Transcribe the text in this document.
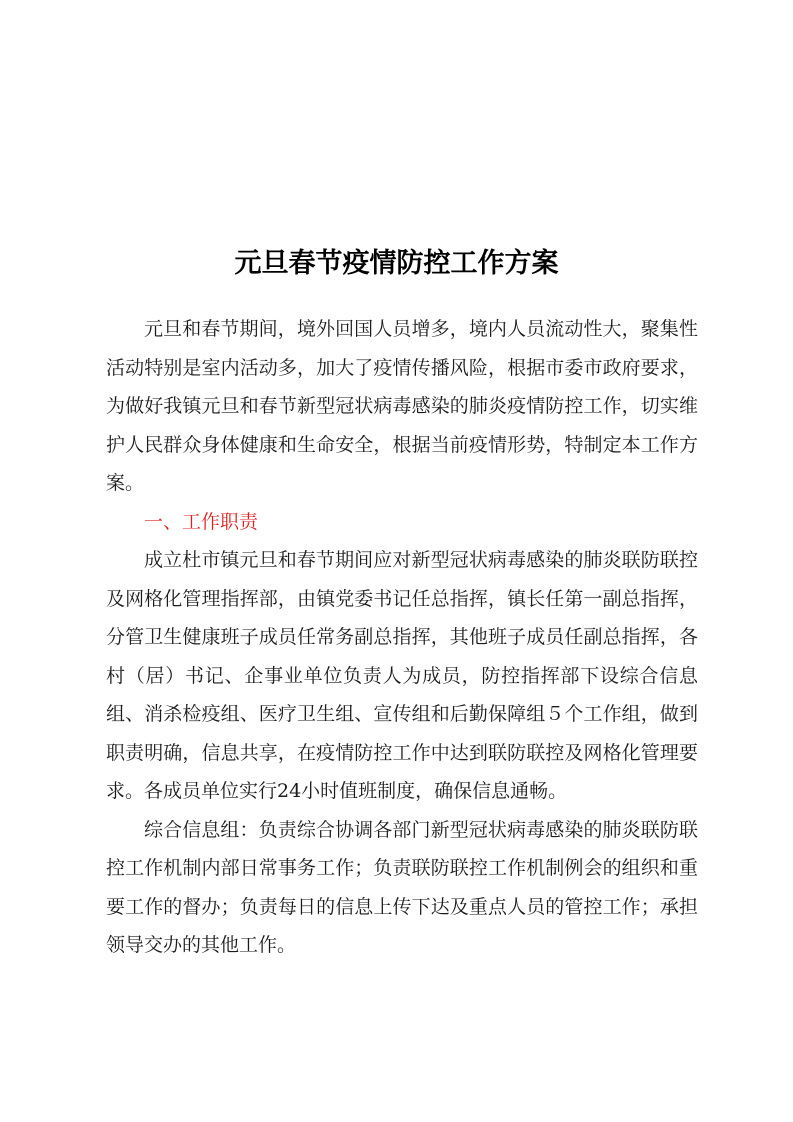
元旦春节疫情防控工作方案

元旦和春节期间，境外回国人员增多，境内人员流动性大，聚集性活动特别是室内活动多，加大了疫情传播风险，根据市委市政府要求，为做好我镇元旦和春节新型冠状病毒感染的肺炎疫情防控工作，切实维护人民群众身体健康和生命安全，根据当前疫情形势，特制定本工作方案。

一、工作职责

成立杜市镇元旦和春节期间应对新型冠状病毒感染的肺炎联防联控及网格化管理指挥部，由镇党委书记任总指挥，镇长任第一副总指挥，分管卫生健康班子成员任常务副总指挥，其他班子成员任副总指挥，各村（居）书记、企事业单位负责人为成员，防控指挥部下设综合信息组、消杀检疫组、医疗卫生组、宣传组和后勤保障组５个工作组，做到职责明确，信息共享，在疫情防控工作中达到联防联控及网格化管理要求。各成员单位实行24小时值班制度，确保信息通畅。

综合信息组：负责综合协调各部门新型冠状病毒感染的肺炎联防联控工作机制内部日常事务工作；负责联防联控工作机制例会的组织和重要工作的督办；负责每日的信息上传下达及重点人员的管控工作；承担领导交办的其他工作。
